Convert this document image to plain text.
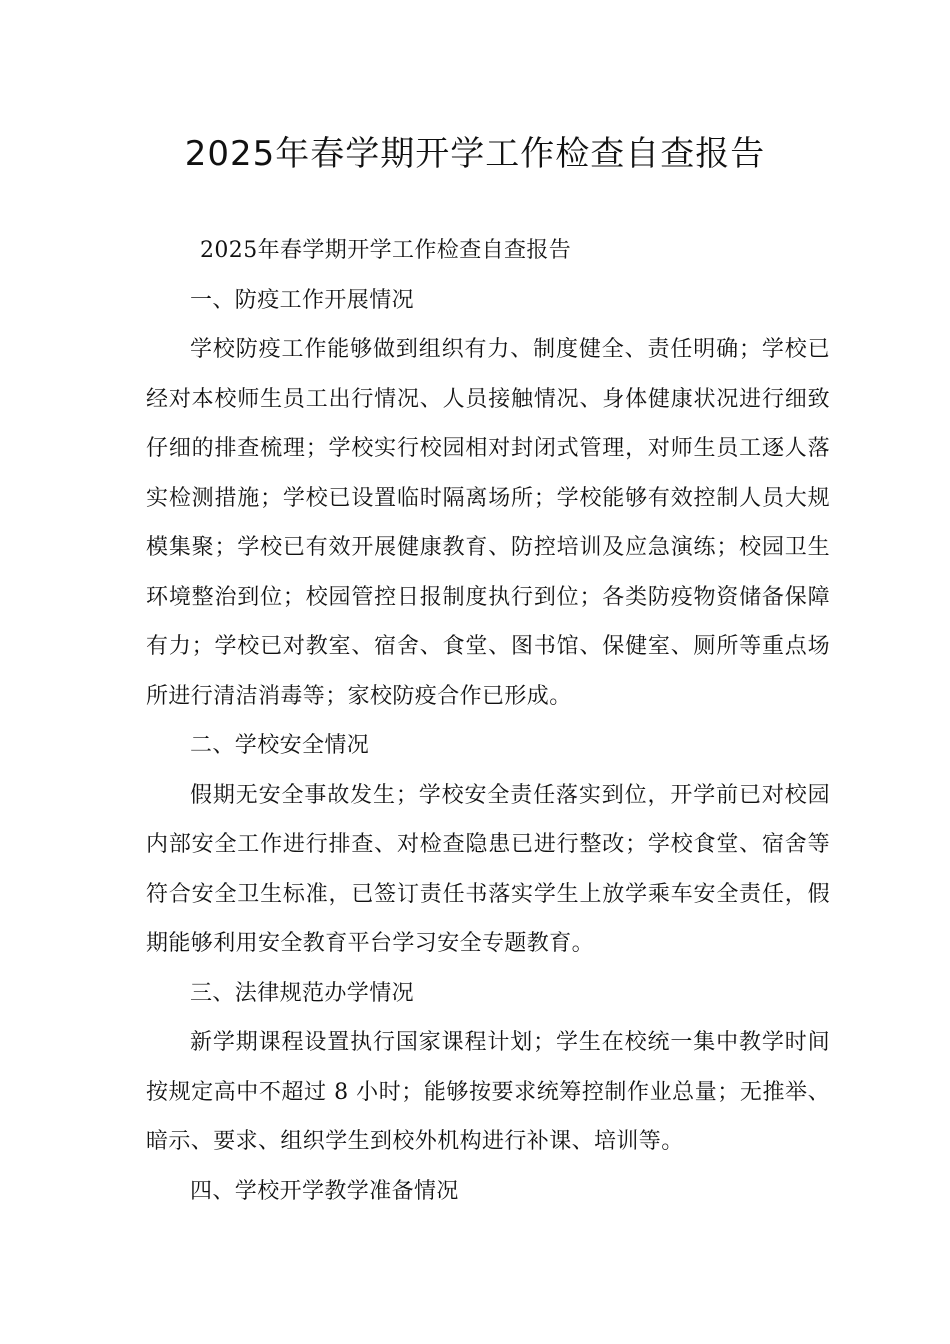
2025年春学期开学工作检查自查报告

2025年春学期开学工作检查自查报告

一、防疫工作开展情况

学校防疫工作能够做到组织有力、制度健全、责任明确；学校已经对本校师生员工出行情况、人员接触情况、身体健康状况进行细致仔细的排查梳理；学校实行校园相对封闭式管理，对师生员工逐人落实检测措施；学校已设置临时隔离场所；学校能够有效控制人员大规模集聚；学校已有效开展健康教育、防控培训及应急演练；校园卫生环境整治到位；校园管控日报制度执行到位；各类防疫物资储备保障有力；学校已对教室、宿舍、食堂、图书馆、保健室、厕所等重点场所进行清洁消毒等；家校防疫合作已形成。

二、学校安全情况

假期无安全事故发生；学校安全责任落实到位，开学前已对校园内部安全工作进行排查、对检查隐患已进行整改；学校食堂、宿舍等符合安全卫生标准，已签订责任书落实学生上放学乘车安全责任，假期能够利用安全教育平台学习安全专题教育。

三、法律规范办学情况

新学期课程设置执行国家课程计划；学生在校统一集中教学时间按规定高中不超过 8 小时；能够按要求统筹控制作业总量；无推举、暗示、要求、组织学生到校外机构进行补课、培训等。

四、学校开学教学准备情况
